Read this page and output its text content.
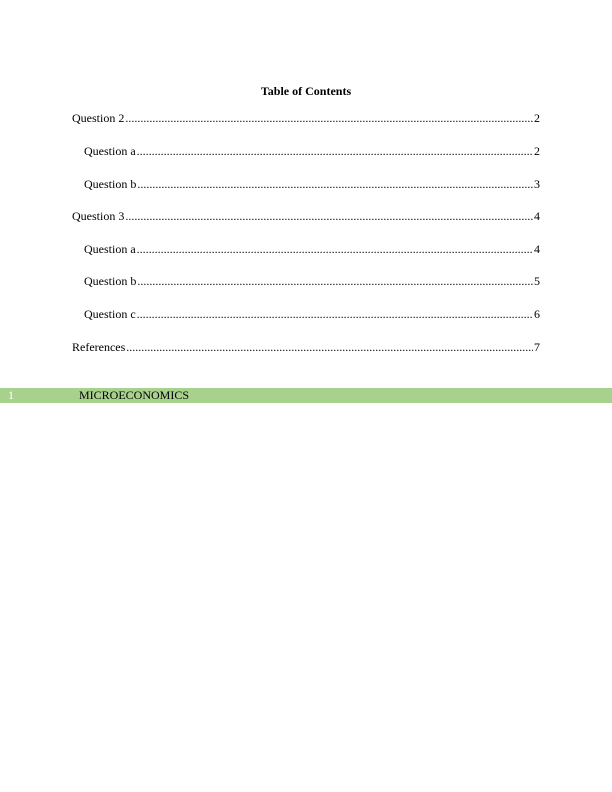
Table of Contents
Question 2 .....	2
Question a .....	2
Question b .....	3
Question 3 .....	4
Question a .....	4
Question b .....	5
Question c .....	6
References .....	7
1	MICROECONOMICS
